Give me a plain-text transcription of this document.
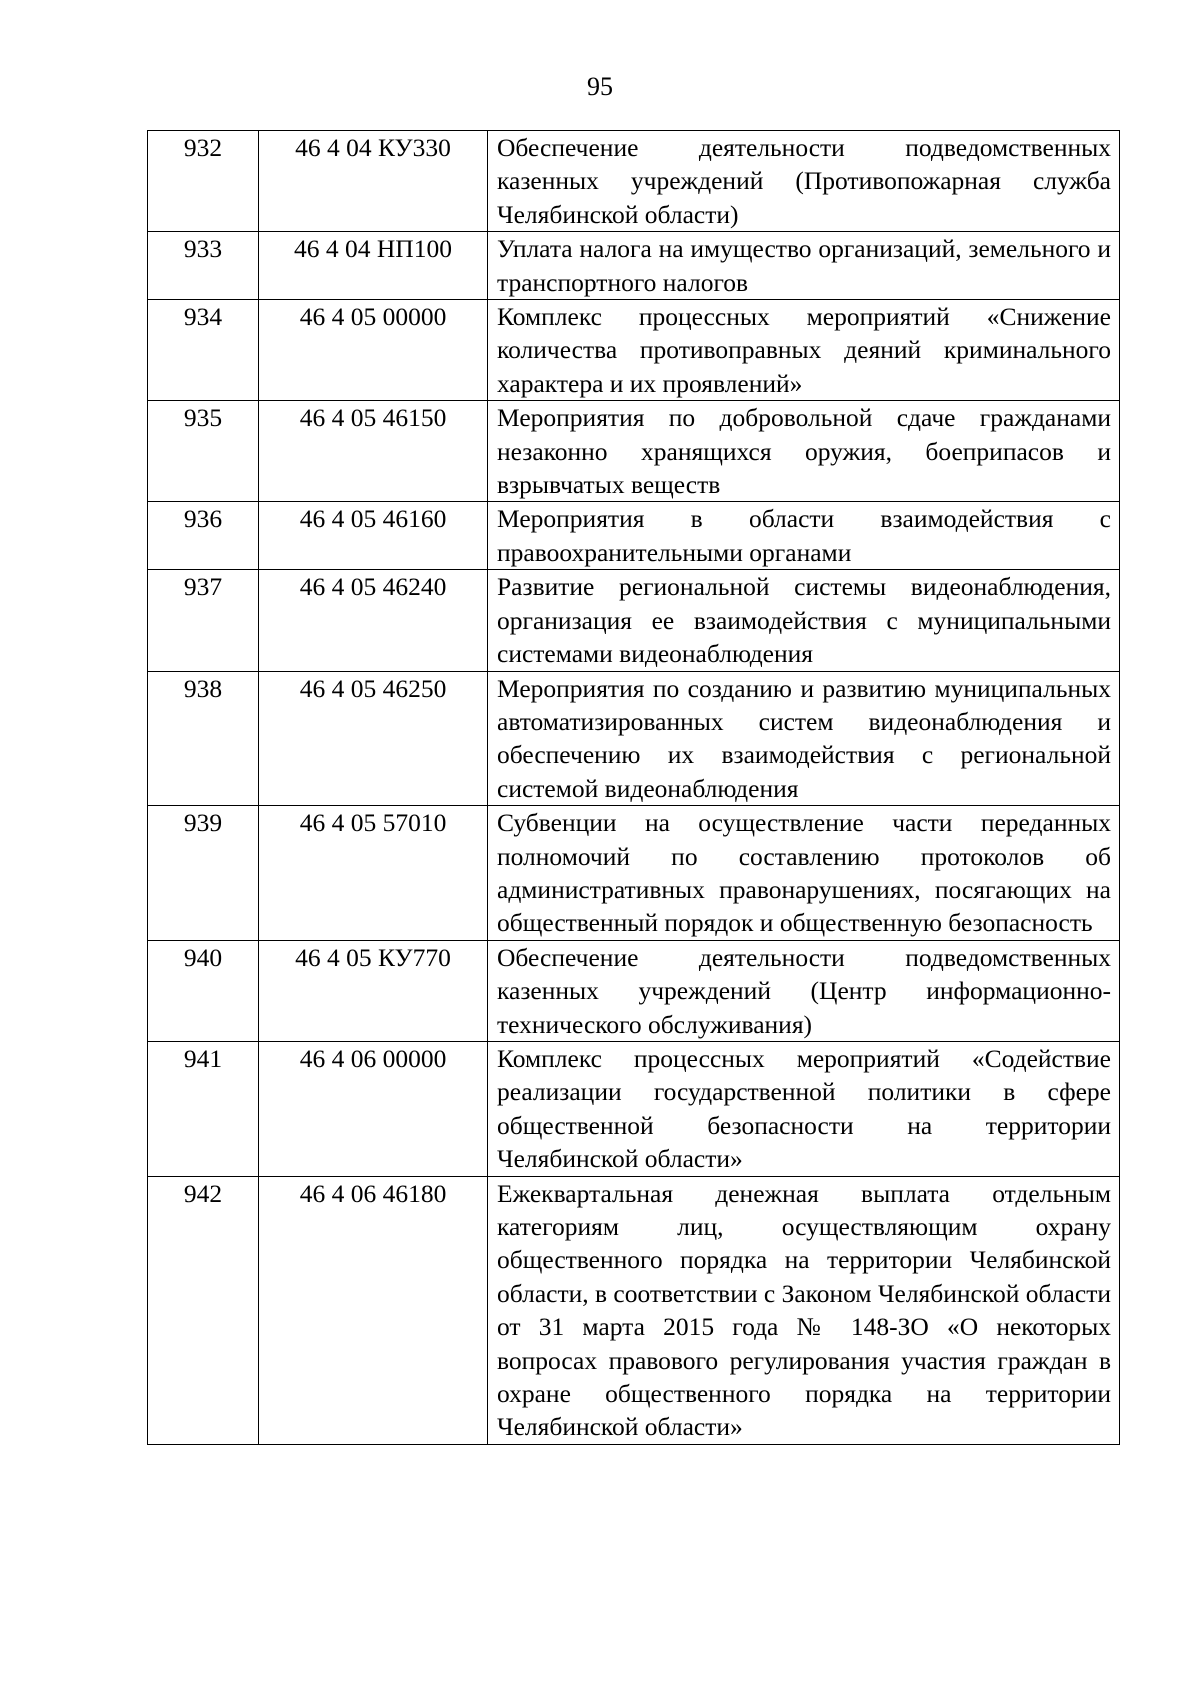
95
932	46 4 04 КУ330	Обеспечение деятельности подведомственных казенных учреждений (Противопожарная служба Челябинской области)
933	46 4 04 НП100	Уплата налога на имущество организаций, земельного и транспортного налогов
934	46 4 05 00000	Комплекс процессных мероприятий «Снижение количества противоправных деяний криминального характера и их проявлений»
935	46 4 05 46150	Мероприятия по добровольной сдаче гражданами незаконно хранящихся оружия, боеприпасов и взрывчатых веществ
936	46 4 05 46160	Мероприятия в области взаимодействия с правоохранительными органами
937	46 4 05 46240	Развитие региональной системы видеонаблюдения, организация ее взаимодействия с муниципальными системами видеонаблюдения
938	46 4 05 46250	Мероприятия по созданию и развитию муниципальных автоматизированных систем видеонаблюдения и обеспечению их взаимодействия с региональной системой видеонаблюдения
939	46 4 05 57010	Субвенции на осуществление части переданных полномочий по составлению протоколов об административных правонарушениях, посягающих на общественный порядок и общественную безопасность
940	46 4 05 КУ770	Обеспечение деятельности подведомственных казенных учреждений (Центр информационно-технического обслуживания)
941	46 4 06 00000	Комплекс процессных мероприятий «Содействие реализации государственной политики в сфере общественной безопасности на территории Челябинской области»
942	46 4 06 46180	Ежеквартальная денежная выплата отдельным категориям лиц, осуществляющим охрану общественного порядка на территории Челябинской области, в соответствии с Законом Челябинской области от 31 марта 2015 года № 148-ЗО «О некоторых вопросах правового регулирования участия граждан в охране общественного порядка на территории Челябинской области»
